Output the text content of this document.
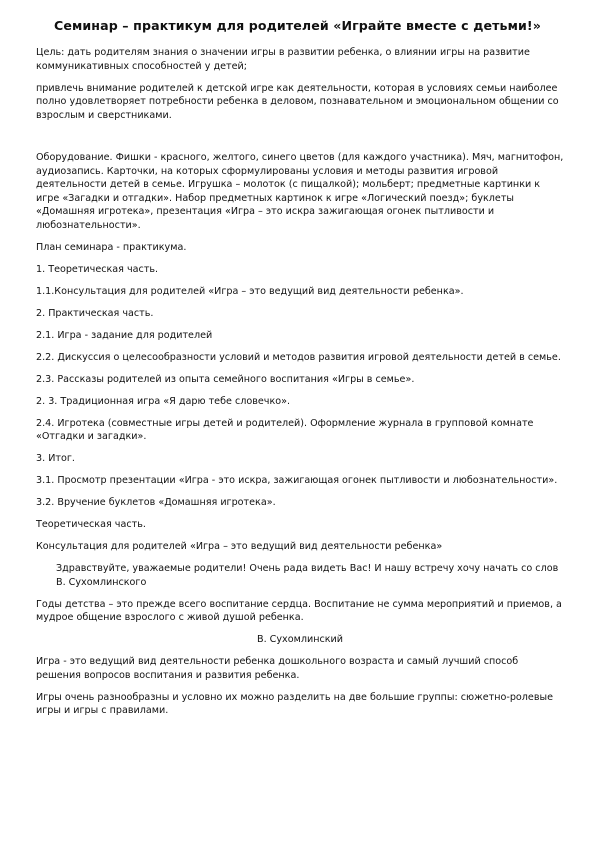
Семинар – практикум для родителей «Играйте вместе с детьми!»

Цель: дать родителям знания о значении игры в развитии ребенка, о влиянии игры на развитие коммуникативных способностей у детей;

привлечь внимание родителей к детской игре как деятельности, которая в условиях семьи наиболее полно удовлетворяет потребности ребенка в деловом, познавательном и эмоциональном общении со взрослым и сверстниками.

Оборудование. Фишки - красного, желтого, синего цветов (для каждого участника). Мяч, магнитофон, аудиозапись. Карточки, на которых сформулированы условия и методы развития игровой деятельности детей в семье. Игрушка – молоток (с пищалкой); мольберт; предметные картинки к игре «Загадки и отгадки». Набор предметных картинок к игре «Логический поезд»; буклеты «Домашняя игротека», презентация «Игра – это искра зажигающая огонек пытливости и любознательности».

План семинара - практикума.

1. Теоретическая часть.

1.1.Консультация для родителей «Игра – это ведущий вид деятельности ребенка».

2. Практическая часть.

2.1. Игра - задание для родителей

2.2. Дискуссия о целесообразности условий и методов развития игровой деятельности детей в семье.

2.3. Рассказы родителей из опыта семейного воспитания «Игры в семье».

2. 3. Традиционная игра «Я дарю тебе словечко».

2.4. Игротека (совместные игры детей и родителей). Оформление журнала в групповой комнате «Отгадки и загадки».

3. Итог.

3.1. Просмотр презентации «Игра - это искра, зажигающая огонек пытливости и любознательности».

3.2. Вручение буклетов «Домашняя игротека».

Теоретическая часть.

Консультация для родителей «Игра – это ведущий вид деятельности ребенка»

Здравствуйте, уважаемые родители! Очень рада видеть Вас! И нашу встречу хочу начать со слов В. Сухомлинского

Годы детства – это прежде всего воспитание сердца. Воспитание не сумма мероприятий и приемов, а мудрое общение взрослого с живой душой ребенка.

В. Сухомлинский

Игра - это ведущий вид деятельности ребенка дошкольного возраста и самый лучший способ решения вопросов воспитания и развития ребенка.

Игры очень разнообразны и условно их можно разделить на две большие группы: сюжетно-ролевые игры и игры с правилами.
